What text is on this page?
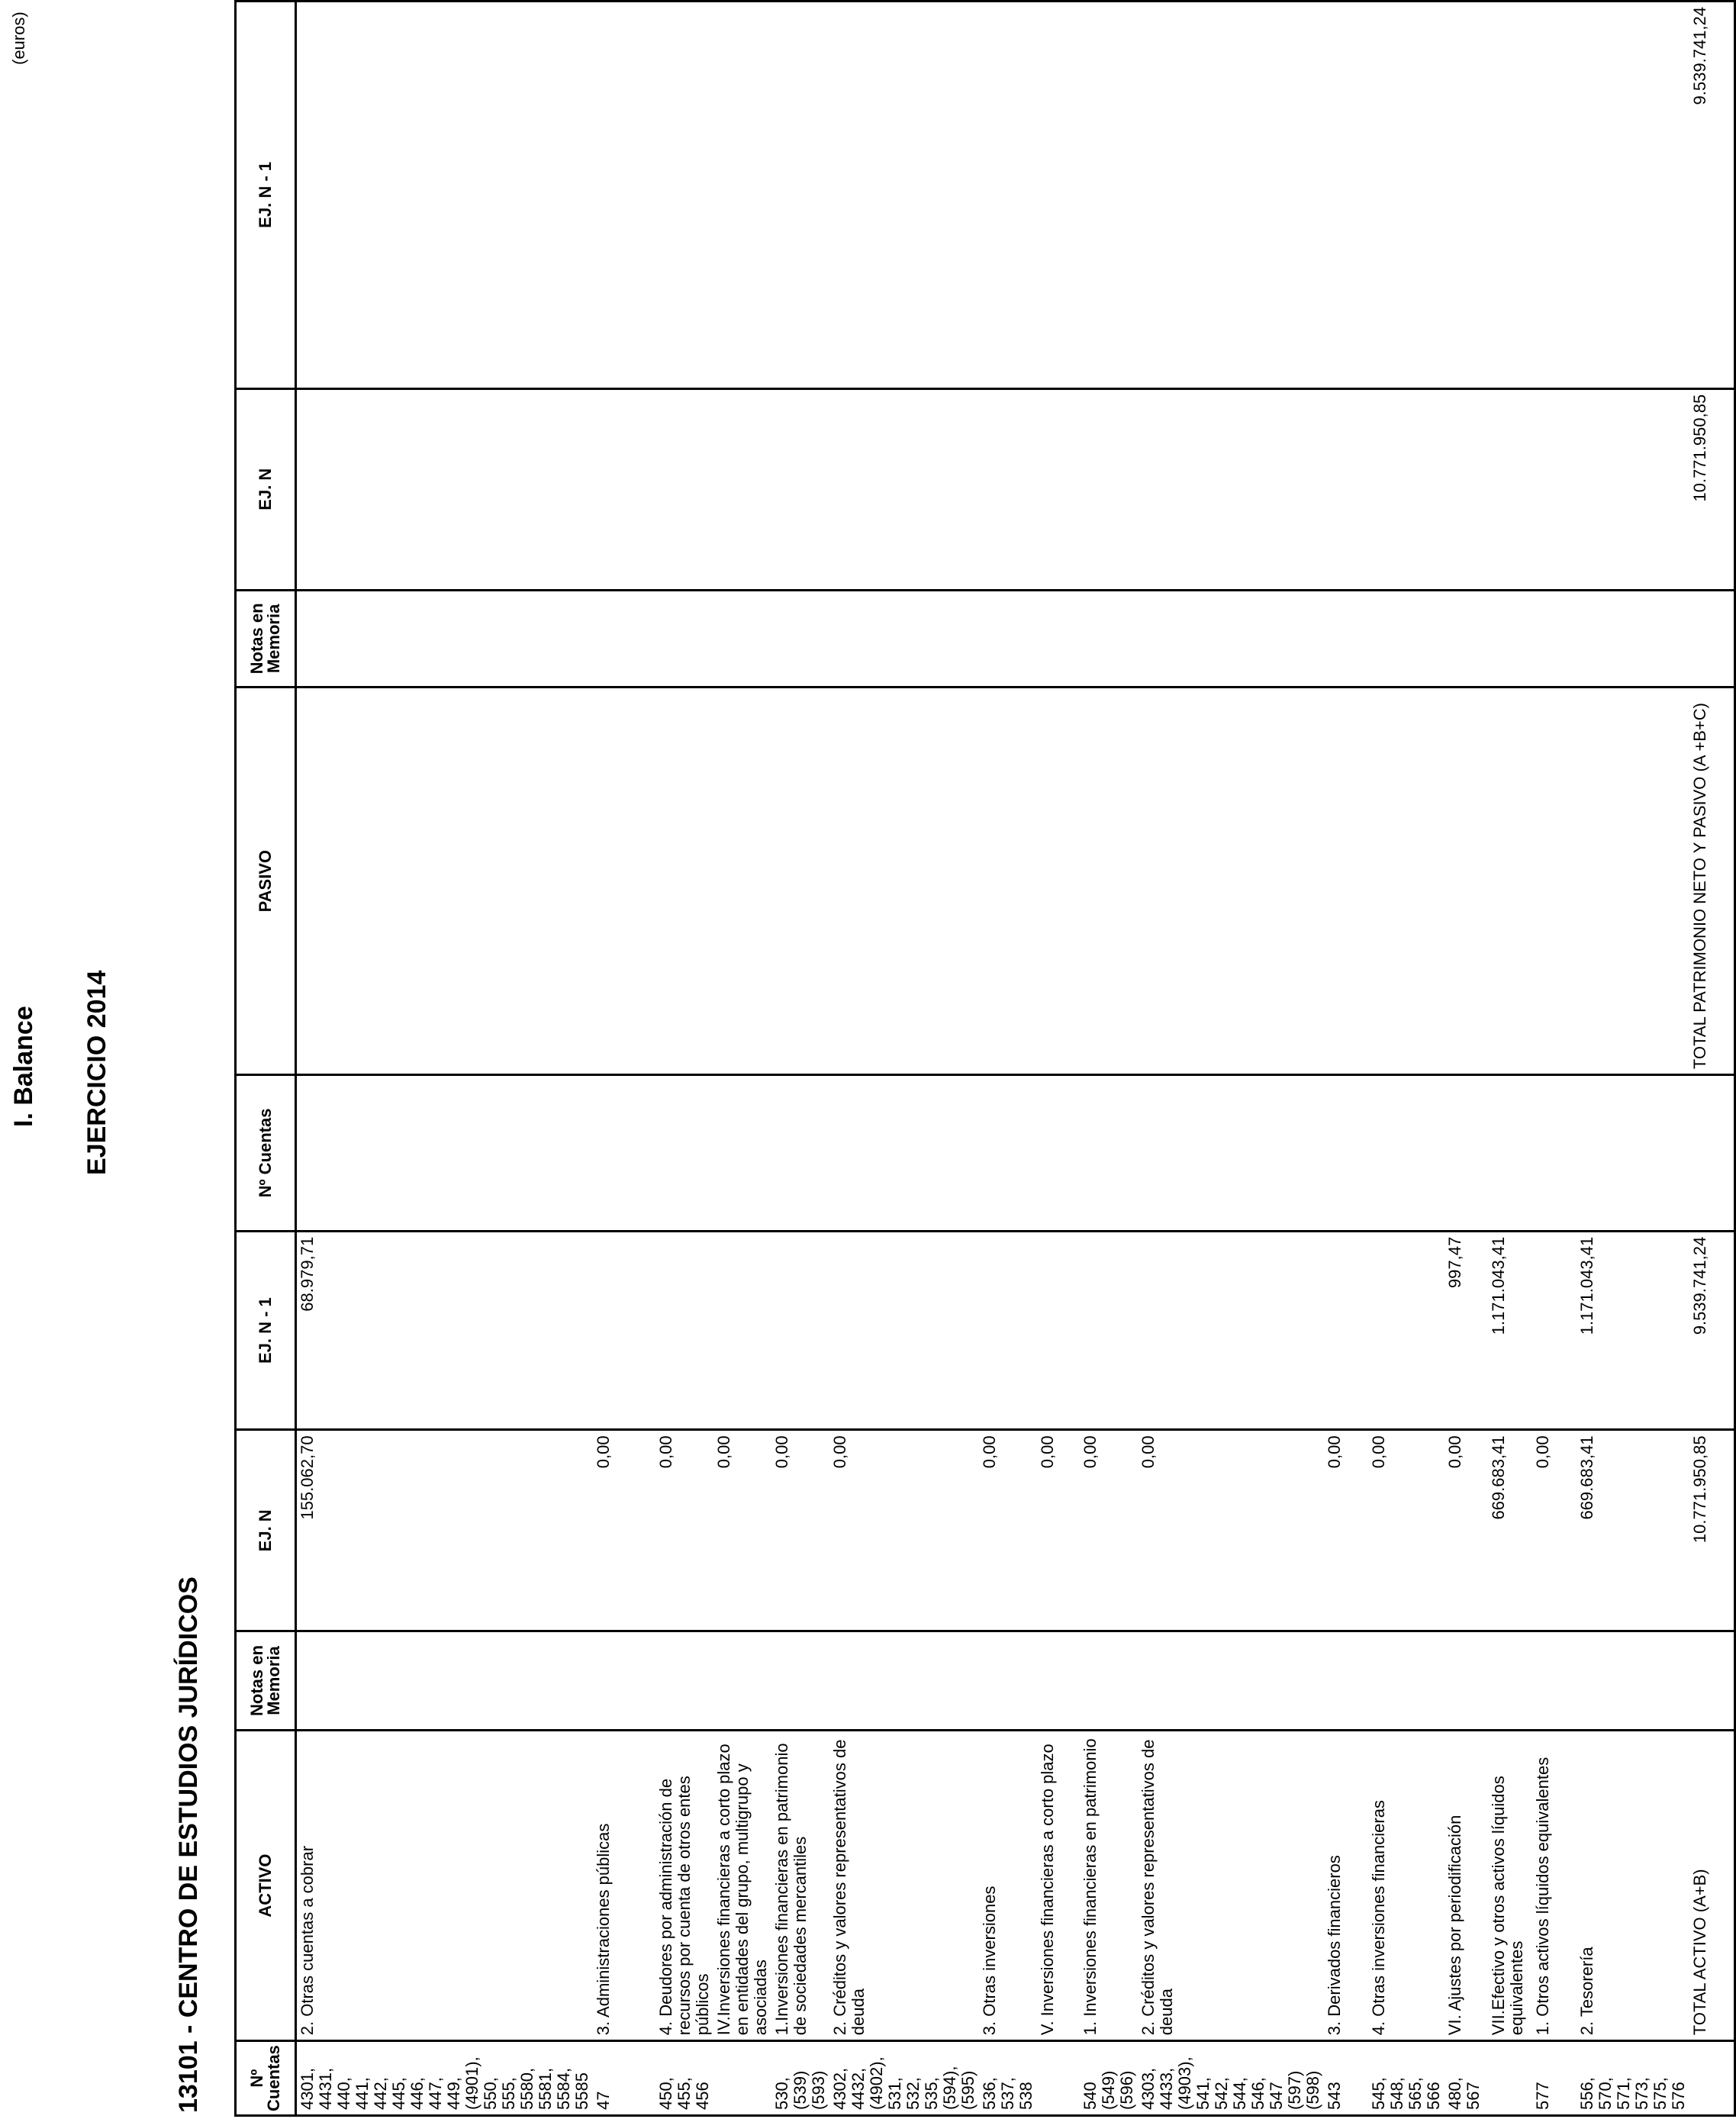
I. Balance EJERCICIO 2014
13101 - CENTRO DE ESTUDIOS JURÍDICOS
(euros)
Nº Cuentas	ACTIVO	Notas en Memoria	EJ. N	EJ. N - 1	Nº Cuentas	PASIVO	Notas en Memoria	EJ. N	EJ. N - 1
4301, 4431, 440, 441, 442, 445, 446, 447, 449, (4901), 550, 555, 5580, 5581, 5584, 5585	2. Otras cuentas a cobrar		155.062,70	68.979,71					
47	3. Administraciones públicas		0,00						
450, 455, 456	4. Deudores por administración de recursos por cuenta de otros entes públicos		0,00						
	IV.Inversiones financieras a corto plazo en entidades del grupo, multigrupo y asociadas		0,00						
530, (539) (593)	1.Inversiones financieras en patrimonio de sociedades mercantiles		0,00						
4302, 4432, (4902), 531, 532, 535, (594), (595)	2. Créditos y valores representativos de deuda		0,00						
536, 537, 538	3. Otras inversiones		0,00						
	V. Inversiones financieras a corto plazo		0,00						
540 (549) (596)	1. Inversiones financieras en patrimonio		0,00						
4303, 4433, (4903), 541, 542, 544, 546, 547 (597) (598)	2. Créditos y valores representativos de deuda		0,00						
543	3. Derivados financieros		0,00						
545, 548, 565, 566	4. Otras inversiones financieras		0,00						
480, 567	VI. Ajustes por periodificación		0,00	997,47					
	VII.Efectivo y otros activos líquidos equivalentes		669.683,41	1.171.043,41					
577	1. Otros activos líquidos equivalentes		0,00						
556, 570, 571, 573, 575, 576	2. Tesorería		669.683,41	1.171.043,41					
	TOTAL ACTIVO (A+B)		10.771.950,85	9.539.741,24		TOTAL PATRIMONIO NETO Y PASIVO (A +B+C)		10.771.950,85	9.539.741,24
